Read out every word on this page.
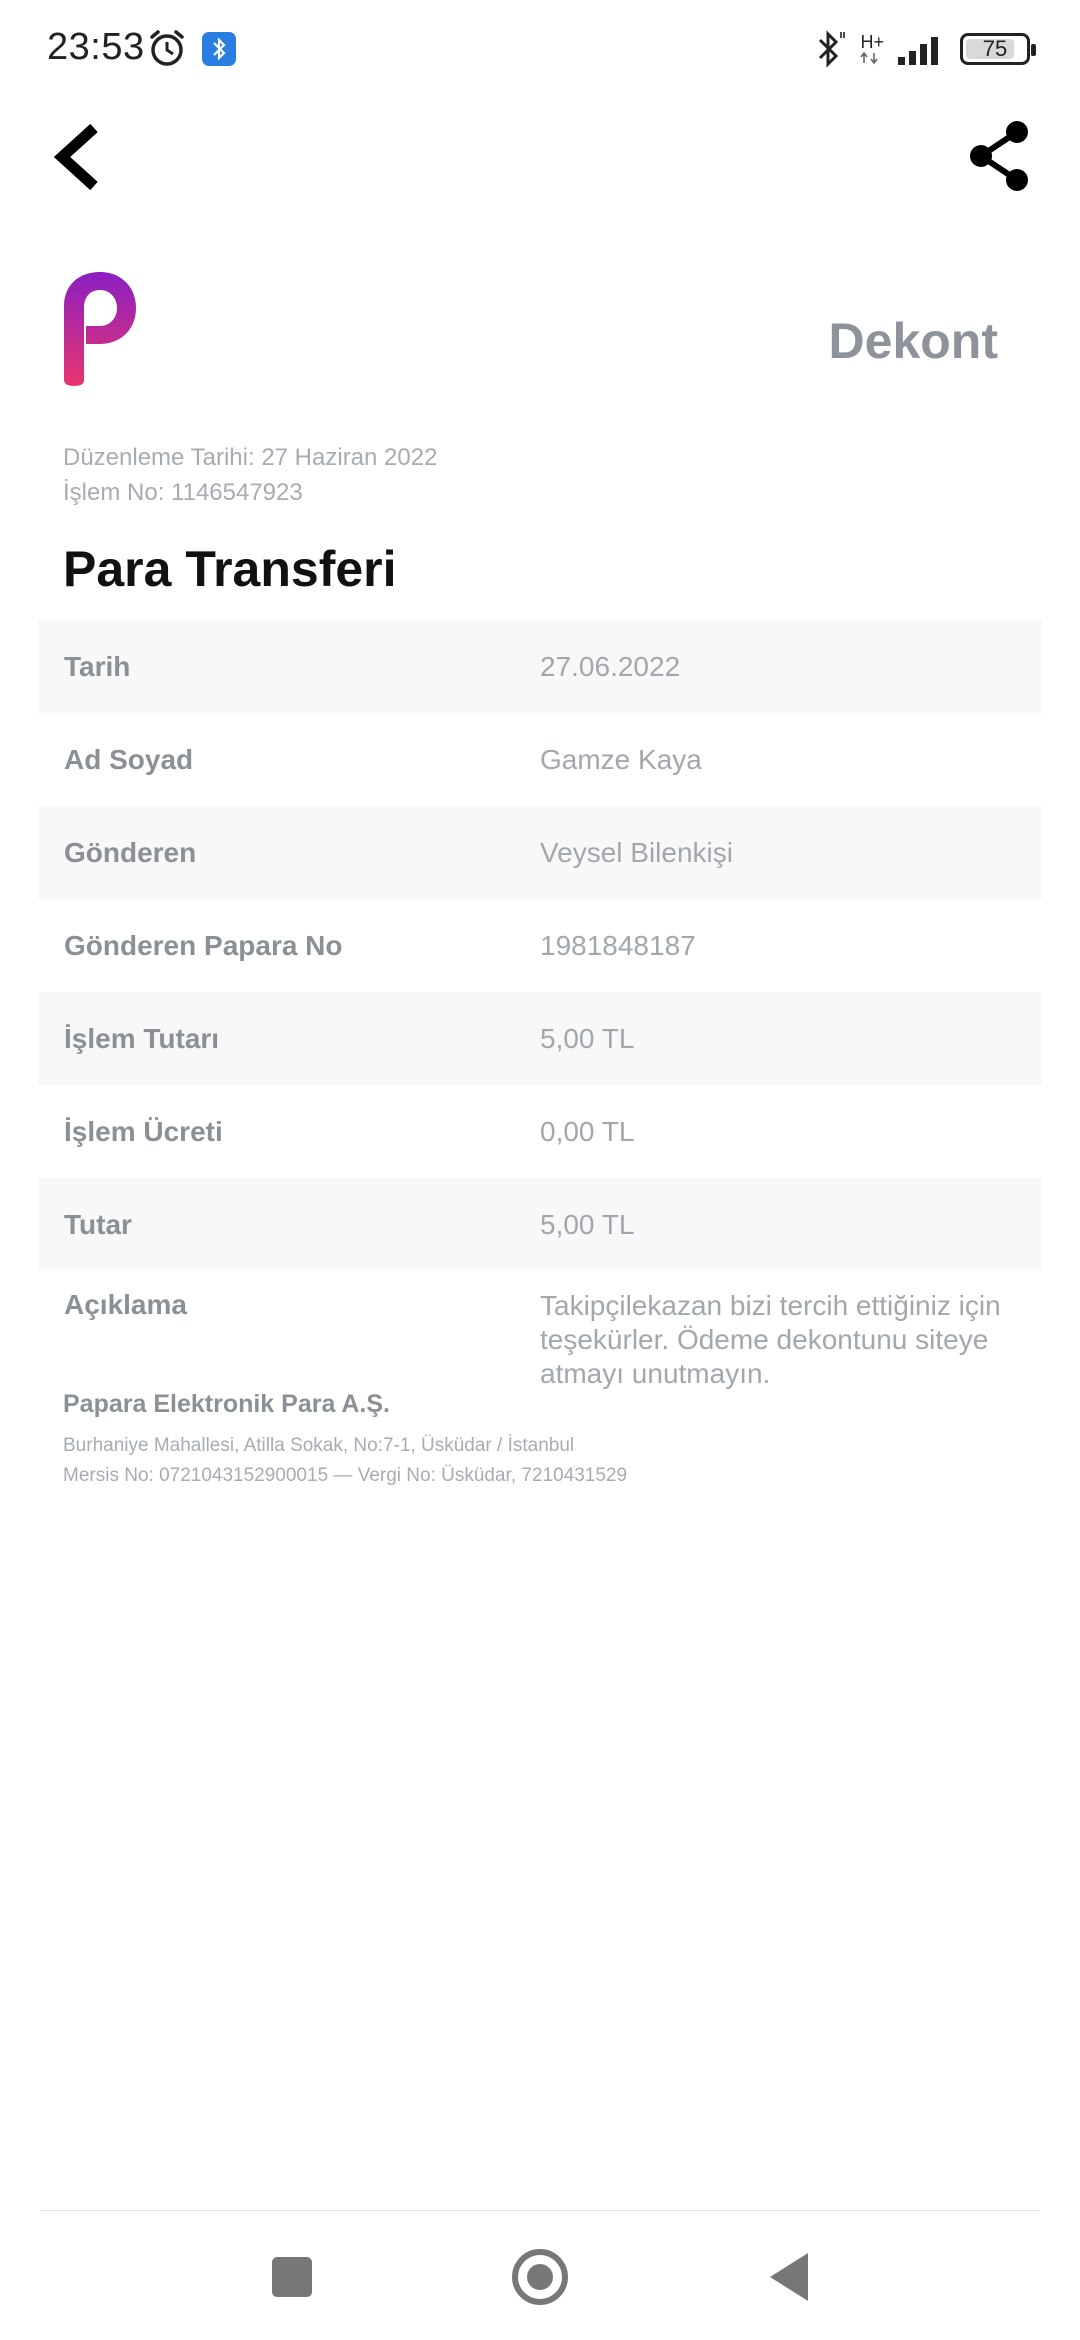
23:53	H+	75
Dekont
Düzenleme Tarihi: 27 Haziran 2022
İşlem No: 1146547923
Para Transferi
Tarih	27.06.2022
Ad Soyad	Gamze Kaya
Gönderen	Veysel Bilenkişi
Gönderen Papara No	1981848187
İşlem Tutarı	5,00 TL
İşlem Ücreti	0,00 TL
Tutar	5,00 TL
Açıklama	Takipçilekazan bizi tercih ettiğiniz için teşekürler. Ödeme dekontunu siteye atmayı unutmayın.
Papara Elektronik Para A.Ş.
Burhaniye Mahallesi, Atilla Sokak, No:7-1, Üsküdar / İstanbul
Mersis No: 0721043152900015 — Vergi No: Üsküdar, 7210431529
